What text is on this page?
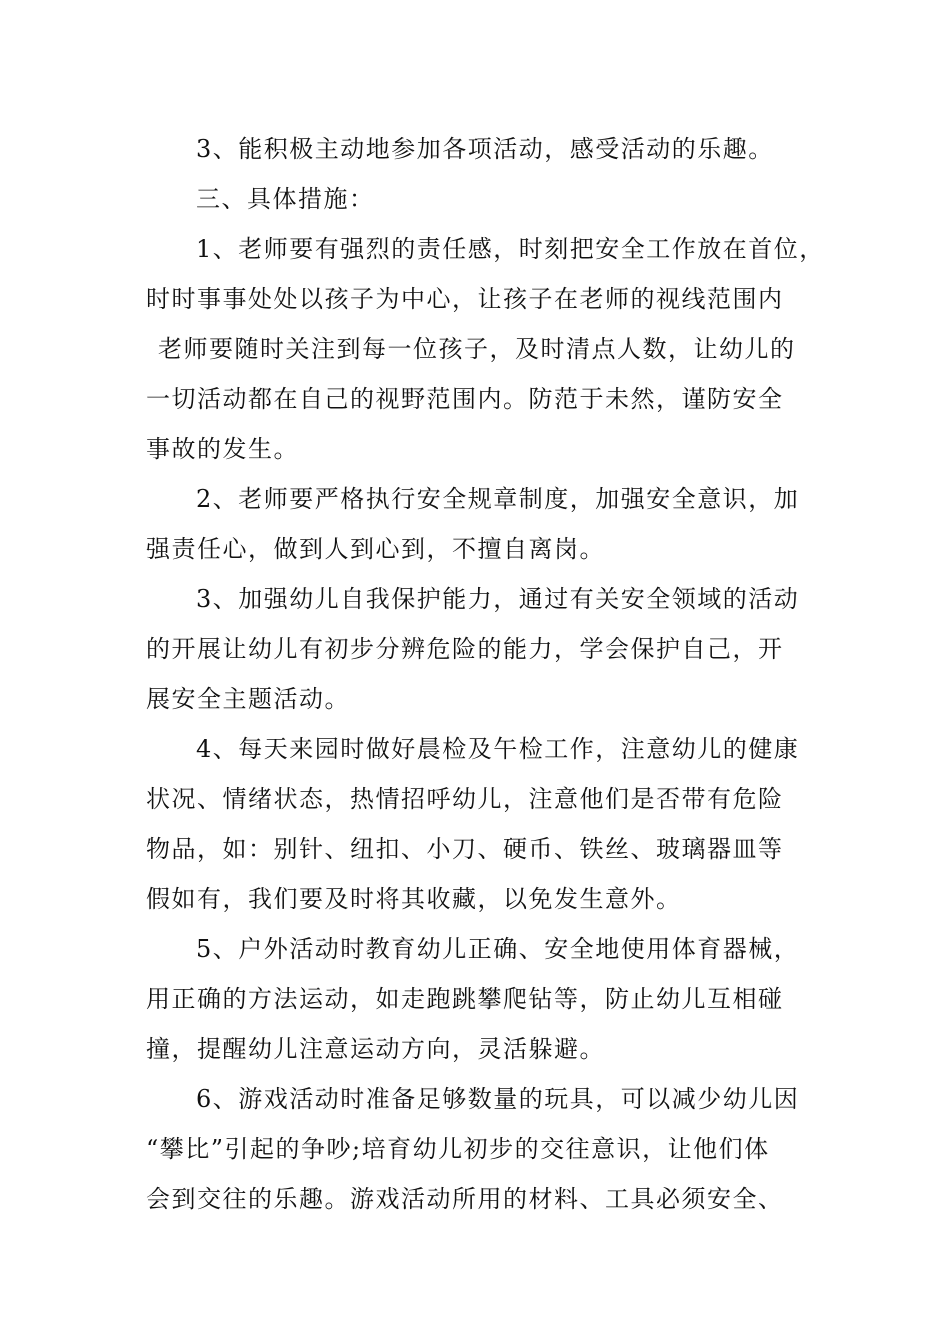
3、能积极主动地参加各项活动，感受活动的乐趣。
三、具体措施：
1、老师要有强烈的责任感，时刻把安全工作放在首位，
时时事事处处以孩子为中心，让孩子在老师的视线范围内
老师要随时关注到每一位孩子，及时清点人数，让幼儿的
一切活动都在自己的视野范围内。防范于未然，谨防安全
事故的发生。
2、老师要严格执行安全规章制度，加强安全意识，加
强责任心，做到人到心到，不擅自离岗。
3、加强幼儿自我保护能力，通过有关安全领域的活动
的开展让幼儿有初步分辨危险的能力，学会保护自己，开
展安全主题活动。
4、每天来园时做好晨检及午检工作，注意幼儿的健康
状况、情绪状态，热情招呼幼儿，注意他们是否带有危险
物品，如：别针、纽扣、小刀、硬币、铁丝、玻璃器皿等
假如有，我们要及时将其收藏，以免发生意外。
5、户外活动时教育幼儿正确、安全地使用体育器械，
用正确的方法运动，如走跑跳攀爬钻等，防止幼儿互相碰
撞，提醒幼儿注意运动方向，灵活躲避。
6、游戏活动时准备足够数量的玩具，可以减少幼儿因
“攀比”引起的争吵;培育幼儿初步的交往意识，让他们体
会到交往的乐趣。游戏活动所用的材料、工具必须安全、
